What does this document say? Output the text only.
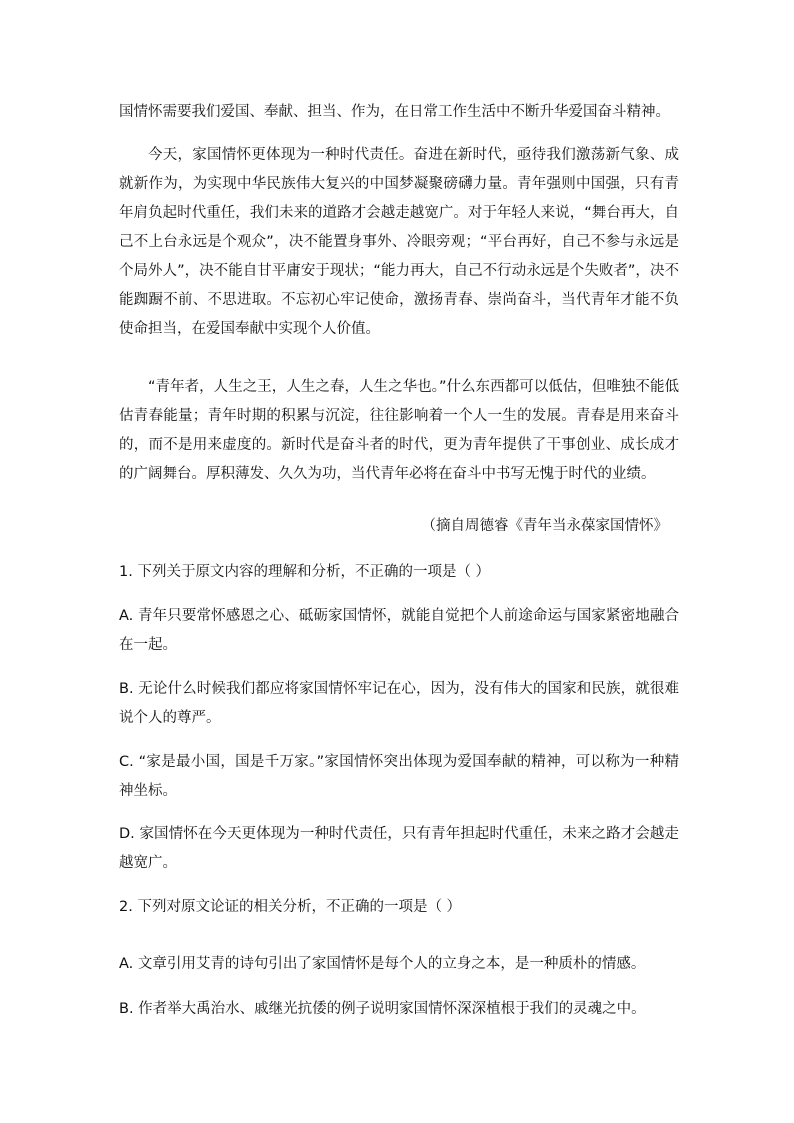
国情怀需要我们爱国、奉献、担当、作为，在日常工作生活中不断升华爱国奋斗精神。

今天，家国情怀更体现为一种时代责任。奋进在新时代，亟待我们激荡新气象、成就新作为，为实现中华民族伟大复兴的中国梦凝聚磅礴力量。青年强则中国强，只有青年肩负起时代重任，我们未来的道路才会越走越宽广。对于年轻人来说，“舞台再大，自己不上台永远是个观众”，决不能置身事外、冷眼旁观；“平台再好，自己不参与永远是个局外人”，决不能自甘平庸安于现状；“能力再大，自己不行动永远是个失败者”，决不能踟蹰不前、不思进取。不忘初心牢记使命，激扬青春、崇尚奋斗，当代青年才能不负使命担当，在爱国奉献中实现个人价值。

“青年者，人生之王，人生之春，人生之华也。”什么东西都可以低估，但唯独不能低估青春能量；青年时期的积累与沉淀，往往影响着一个人一生的发展。青春是用来奋斗的，而不是用来虚度的。新时代是奋斗者的时代，更为青年提供了干事创业、成长成才的广阔舞台。厚积薄发、久久为功，当代青年必将在奋斗中书写无愧于时代的业绩。

（摘自周德睿《青年当永葆家国情怀》

1. 下列关于原文内容的理解和分析，不正确的一项是（ ）

A. 青年只要常怀感恩之心、砥砺家国情怀，就能自觉把个人前途命运与国家紧密地融合在一起。

B. 无论什么时候我们都应将家国情怀牢记在心，因为，没有伟大的国家和民族，就很难说个人的尊严。

C. “家是最小国，国是千万家。”家国情怀突出体现为爱国奉献的精神，可以称为一种精神坐标。

D. 家国情怀在今天更体现为一种时代责任，只有青年担起时代重任，未来之路才会越走越宽广。

2. 下列对原文论证的相关分析，不正确的一项是（ ）

A. 文章引用艾青的诗句引出了家国情怀是每个人的立身之本，是一种质朴的情感。

B. 作者举大禹治水、戚继光抗倭的例子说明家国情怀深深植根于我们的灵魂之中。
